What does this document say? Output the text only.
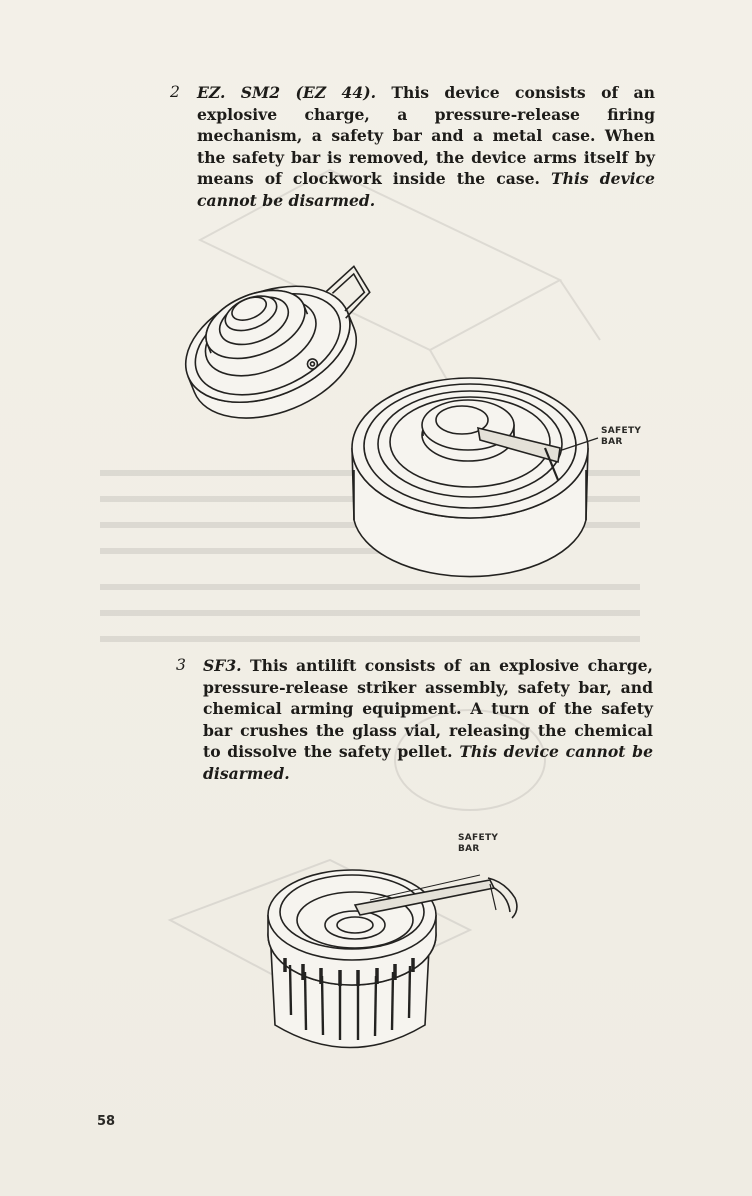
2 EZ. SM2 (EZ 44). This device consists of an explosive charge, a pressure-release firing mechanism, a safety bar and a metal case. When the safety bar is removed, the device arms itself by means of clockwork inside the case. This device cannot be disarmed.
SAFETY
BAR
3 SF3. This antilift consists of an explosive charge, pressure-release striker assembly, safety bar, and chemical arming equipment. A turn of the safety bar crushes the glass vial, releasing the chemical to dissolve the safety pellet. This device cannot be disarmed.
SAFETY
BAR
58
